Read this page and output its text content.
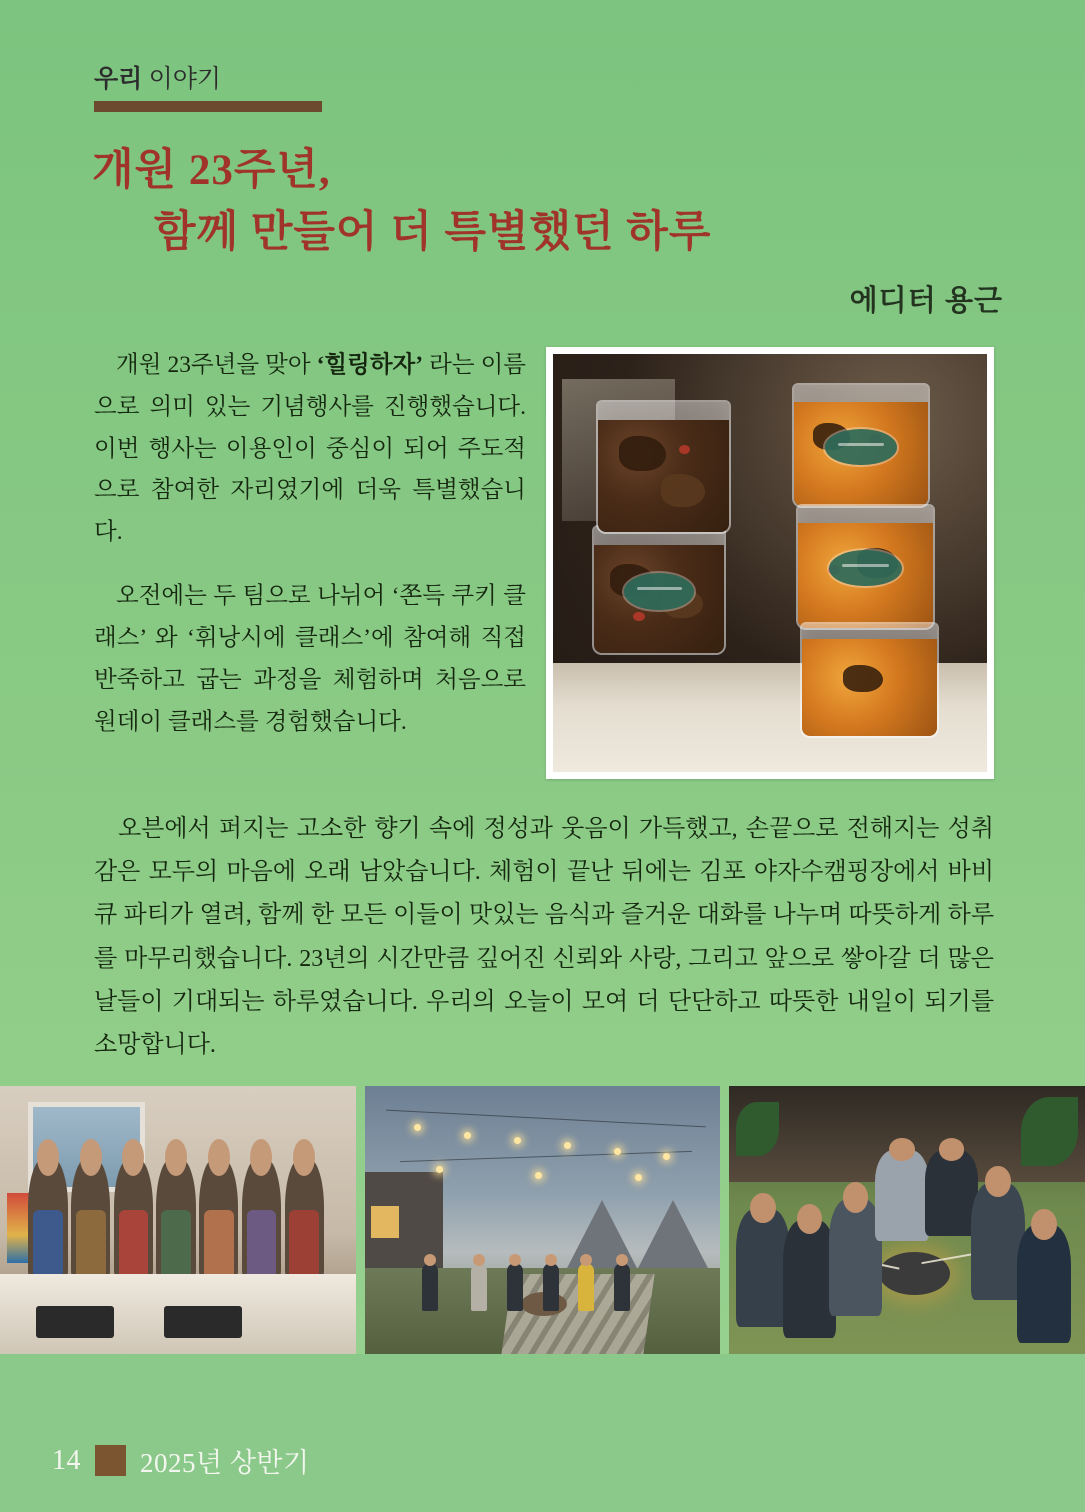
우리 이야기
개원 23주년,
함께 만들어 더 특별했던 하루
에디터 용근

개원 23주년을 맞아 ‘힐링하자’ 라는 이름으로 의미 있는 기념행사를 진행했습니다. 이번 행사는 이용인이 중심이 되어 주도적으로 참여한 자리였기에 더욱 특별했습니다.

오전에는 두 팀으로 나뉘어 ‘쫀득 쿠키 클래스’ 와 ‘휘낭시에 클래스’에 참여해 직접 반죽하고 굽는 과정을 체험하며 처음으로 원데이 클래스를 경험했습니다.

오븐에서 퍼지는 고소한 향기 속에 정성과 웃음이 가득했고, 손끝으로 전해지는 성취감은 모두의 마음에 오래 남았습니다. 체험이 끝난 뒤에는 김포 야자수캠핑장에서 바비큐 파티가 열려, 함께 한 모든 이들이 맛있는 음식과 즐거운 대화를 나누며 따뜻하게 하루를 마무리했습니다. 23년의 시간만큼 깊어진 신뢰와 사랑, 그리고 앞으로 쌓아갈 더 많은 날들이 기대되는 하루였습니다. 우리의 오늘이 모여 더 단단하고 따뜻한 내일이 되기를 소망합니다.

14 2025년 상반기
